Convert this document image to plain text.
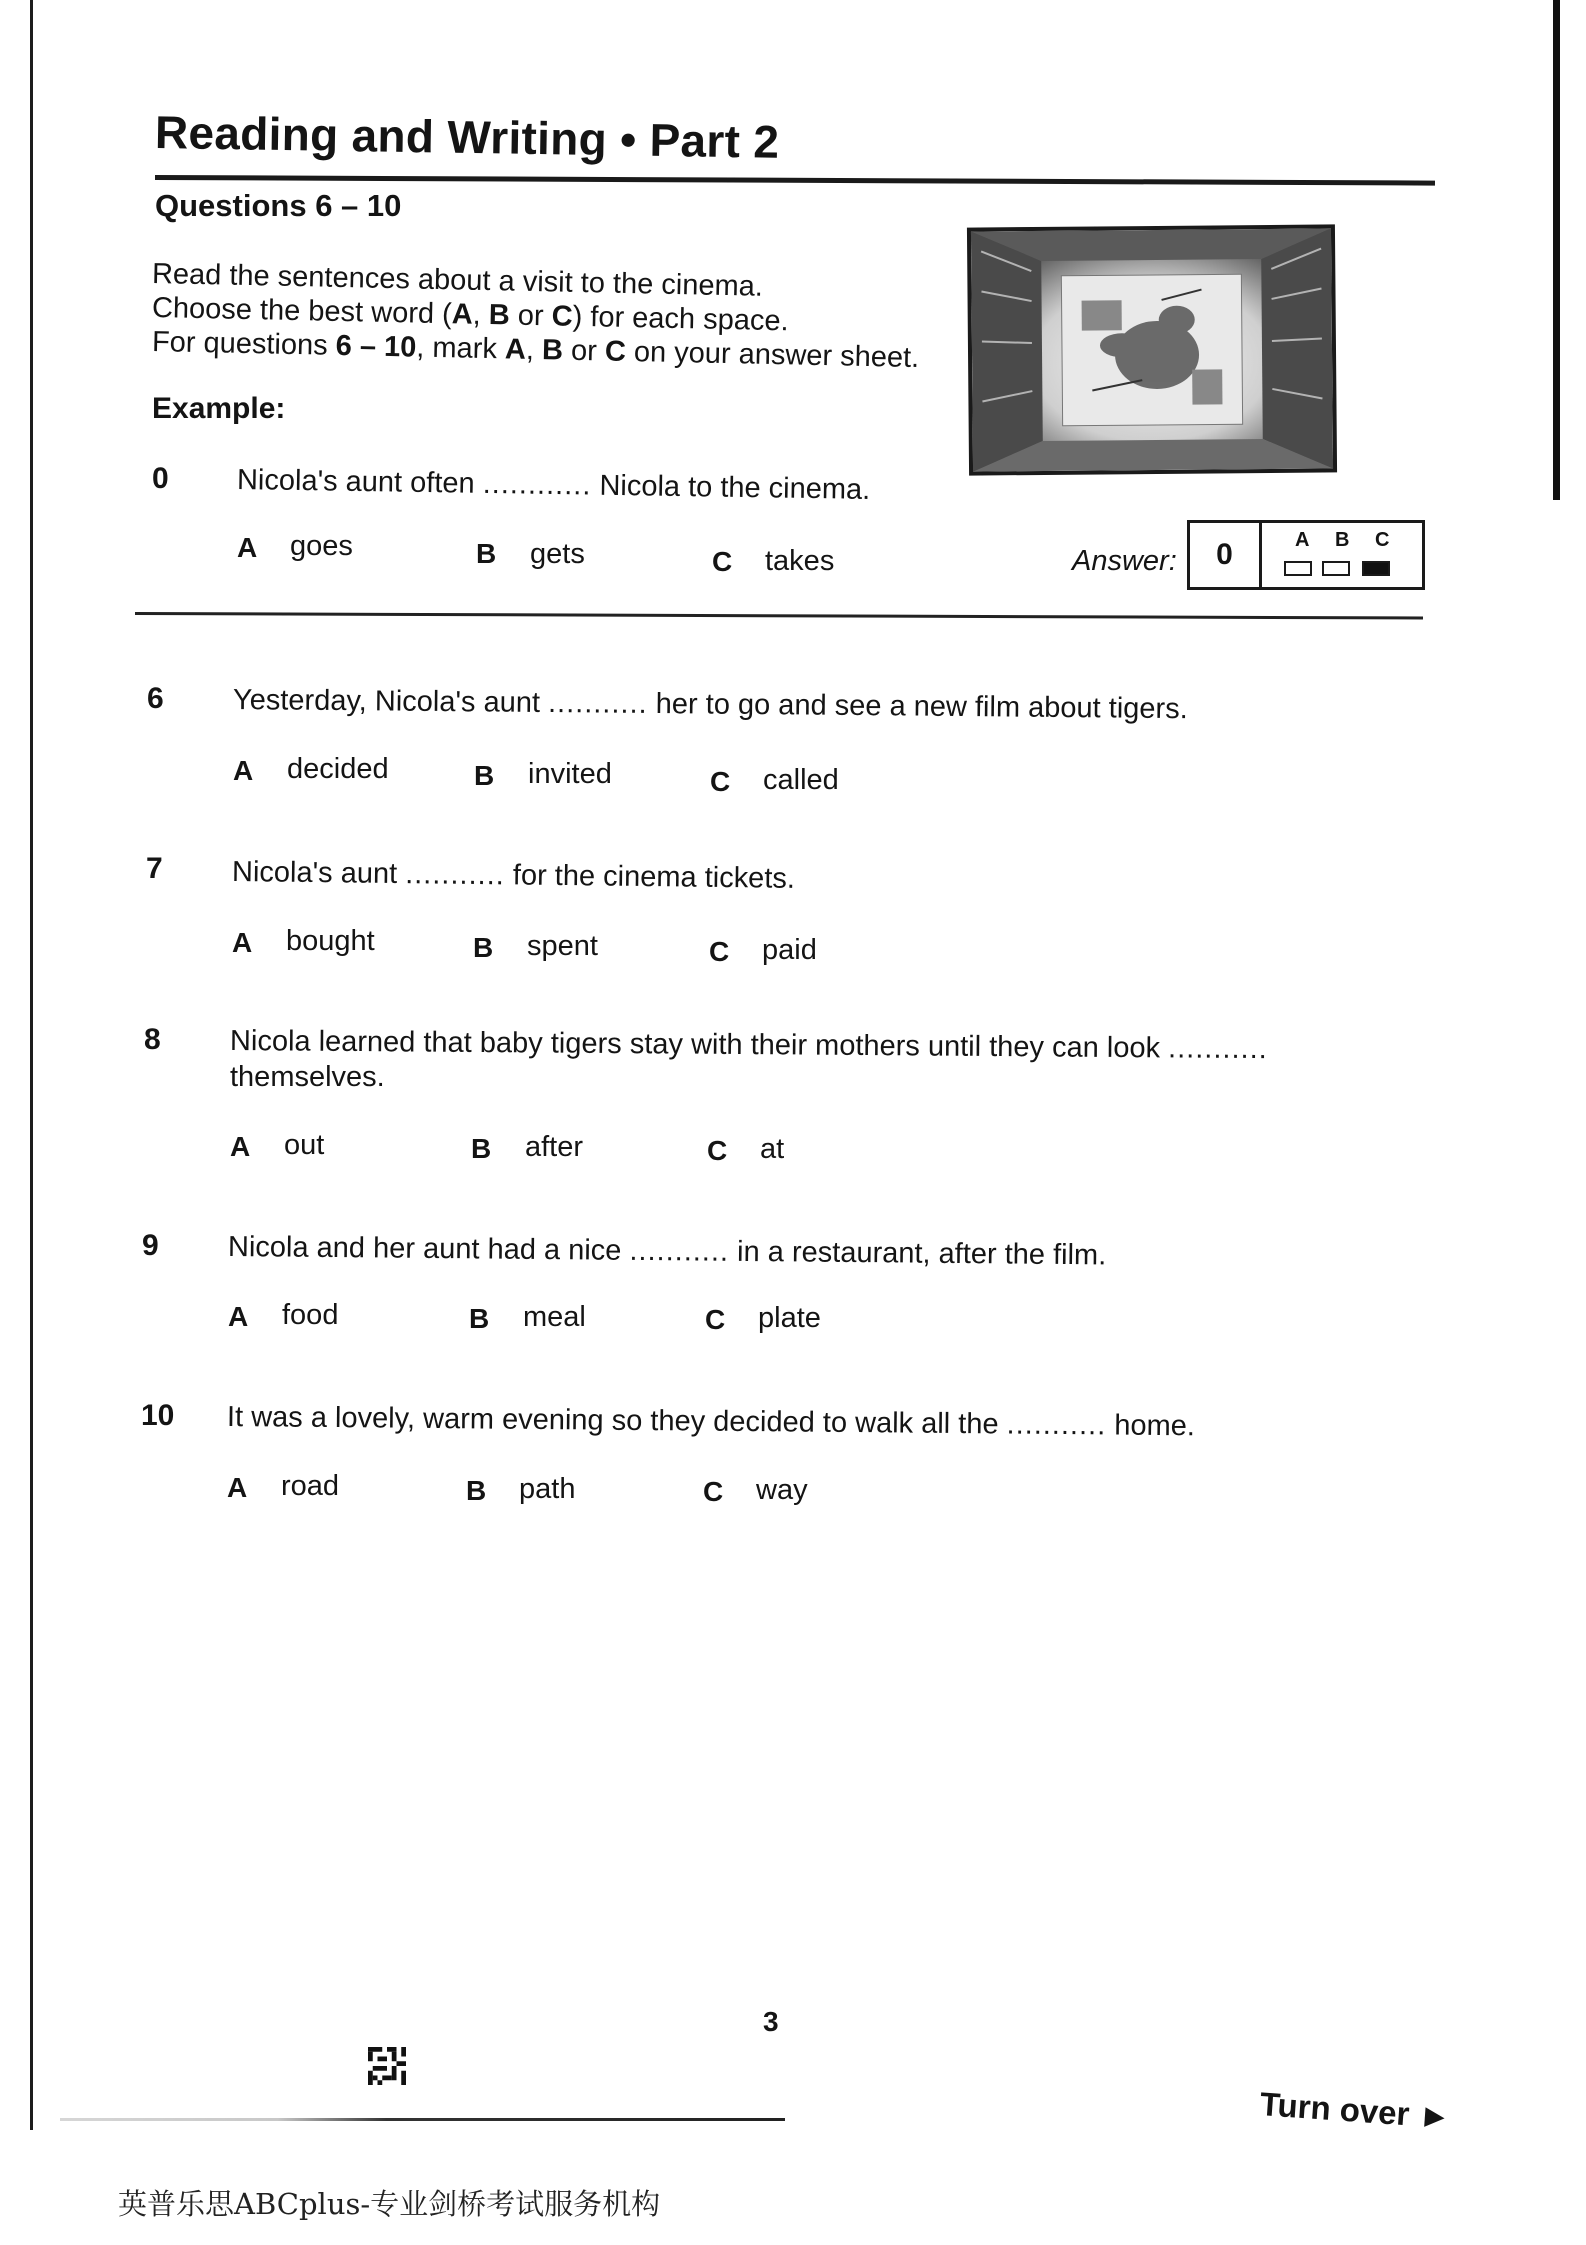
Reading and Writing • Part 2
Questions 6 – 10
Read the sentences about a visit to the cinema.
Choose the best word (A, B or C) for each space.
For questions 6 – 10, mark A, B or C on your answer sheet.
Example:
0 Nicola's aunt often ............ Nicola to the cinema.
A goes	B gets	C takes	Answer:	0	A B C
6 Yesterday, Nicola's aunt ........... her to go and see a new film about tigers.
A decided	B invited	C called
7 Nicola's aunt ........... for the cinema tickets.
A bought	B spent	C paid
8 Nicola learned that baby tigers stay with their mothers until they can look ...........
themselves.
A out	B after	C at
9 Nicola and her aunt had a nice ........... in a restaurant, after the film.
A food	B meal	C plate
10 It was a lovely, warm evening so they decided to walk all the ........... home.
A road	B path	C way
3
Turn over ►
英普乐思ABCplus-专业剑桥考试服务机构
